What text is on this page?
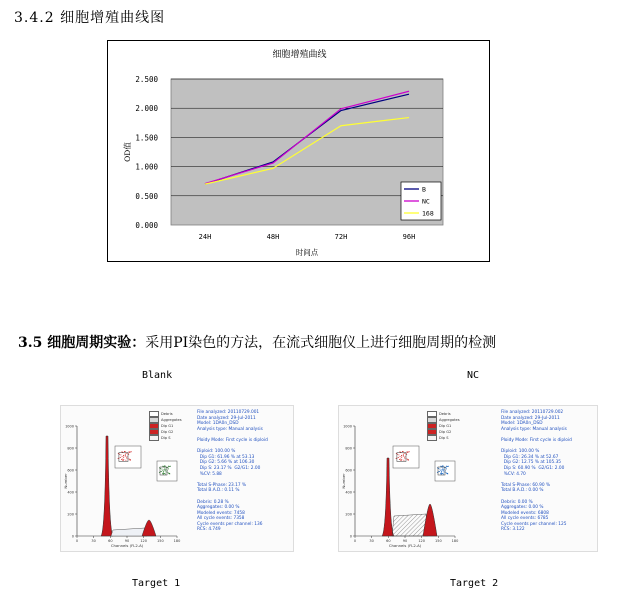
3.4.2 细胞增殖曲线图
细胞增殖曲线
0.000
0.500
1.000
1.500
2.000
2.500
24H	48H	72H	96H
时间点
OD值
B
NC
168
3.5 细胞周期实验：采用PI染色的方法，在流式细胞仪上进行细胞周期的检测
Blank
0
200
400
600
800
1000
0	30	60	90	120	150	180
Channels (FL2-A)
Number
Debris
Aggregates
Dip G1
Dip G2
Dip S
File analyzed: 20110729.001
Date analyzed: 29-Jul-2011
Model: 1DA0n_DSD
Analysis type: Manual analysis

Ploidy Mode: First cycle is diploid

Diploid: 100.00 %
Dip G1: 61.96 % at 53.13
Dip G2: 5.66 % at 106.30
Dip S: 23.17 %  G2/G1: 2.00
%CV: 5.88

Total S-Phase: 23.17 %
Total B.A.D.: 0.11 %

Debris: 0.28 %
Aggregates: 0.00 %
Modeled events: 7458
All cycle events: 7358
Cycle events per channel: 136
RCS: 4.749
Target 1
NC
0
200
400
600
800
1000
0	30	60	90	120	150	180
Channels (FL2-A)
Number
Debris
Aggregates
Dip G1
Dip G2
Dip S
File analyzed: 20110729.002
Date analyzed: 29-Jul-2011
Model: 1DA0n_DSD
Analysis type: Manual analysis

Ploidy Mode: First cycle is diploid

Diploid: 100.00 %
Dip G1: 26.34 % at 52.67
Dip G2: 12.75 % at 105.35
Dip S: 60.90 %  G2/G1: 2.00
%CV: 4.70

Total S-Phase: 60.90 %
Total B.A.D.: 0.00 %

Debris: 0.00 %
Aggregates: 0.00 %
Modeled events: 6808
All cycle events: 6785
Cycle events per channel: 125
RCS: 3.122
Target 2
